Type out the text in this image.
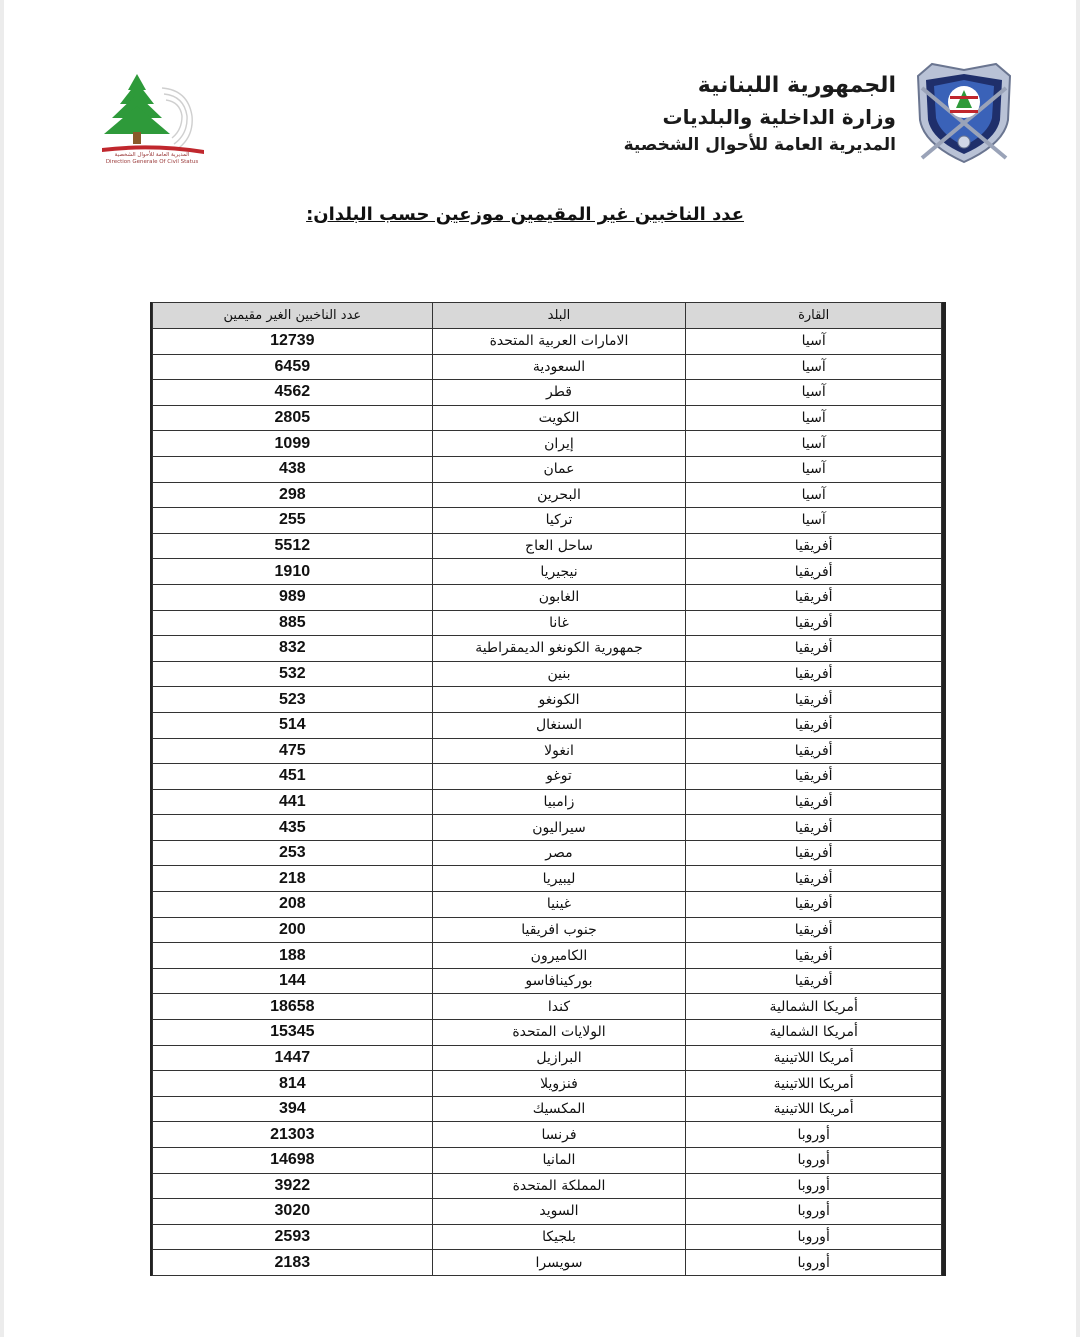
الجمهورية اللبنانية
وزارة الداخلية والبلديات
المديرية العامة للأحوال الشخصية
المديرية العامة للأحوال الشخصية
Direction Generale Of Civil Status
عدد الناخبين غير المقيمين موزعين حسب البلدان:
القارة	البلد	عدد الناخبين الغير مقيمين
آسيا	الامارات العربية المتحدة	12739
آسيا	السعودية	6459
آسيا	قطر	4562
آسيا	الكويت	2805
آسيا	إيران	1099
آسيا	عمان	438
آسيا	البحرين	298
آسيا	تركيا	255
أفريقيا	ساحل العاج	5512
أفريقيا	نيجيريا	1910
أفريقيا	الغابون	989
أفريقيا	غانا	885
أفريقيا	جمهورية الكونغو الديمقراطية	832
أفريقيا	بنين	532
أفريقيا	الكونغو	523
أفريقيا	السنغال	514
أفريقيا	انغولا	475
أفريقيا	توغو	451
أفريقيا	زامبيا	441
أفريقيا	سيراليون	435
أفريقيا	مصر	253
أفريقيا	ليبيريا	218
أفريقيا	غينيا	208
أفريقيا	جنوب افريقيا	200
أفريقيا	الكاميرون	188
أفريقيا	بوركينافاسو	144
أمريكا الشمالية	كندا	18658
أمريكا الشمالية	الولايات المتحدة	15345
أمريكا اللاتينية	البرازيل	1447
أمريكا اللاتينية	فنزويلا	814
أمريكا اللاتينية	المكسيك	394
أوروبا	فرنسا	21303
أوروبا	المانيا	14698
أوروبا	المملكة المتحدة	3922
أوروبا	السويد	3020
أوروبا	بلجيكا	2593
أوروبا	سويسرا	2183
